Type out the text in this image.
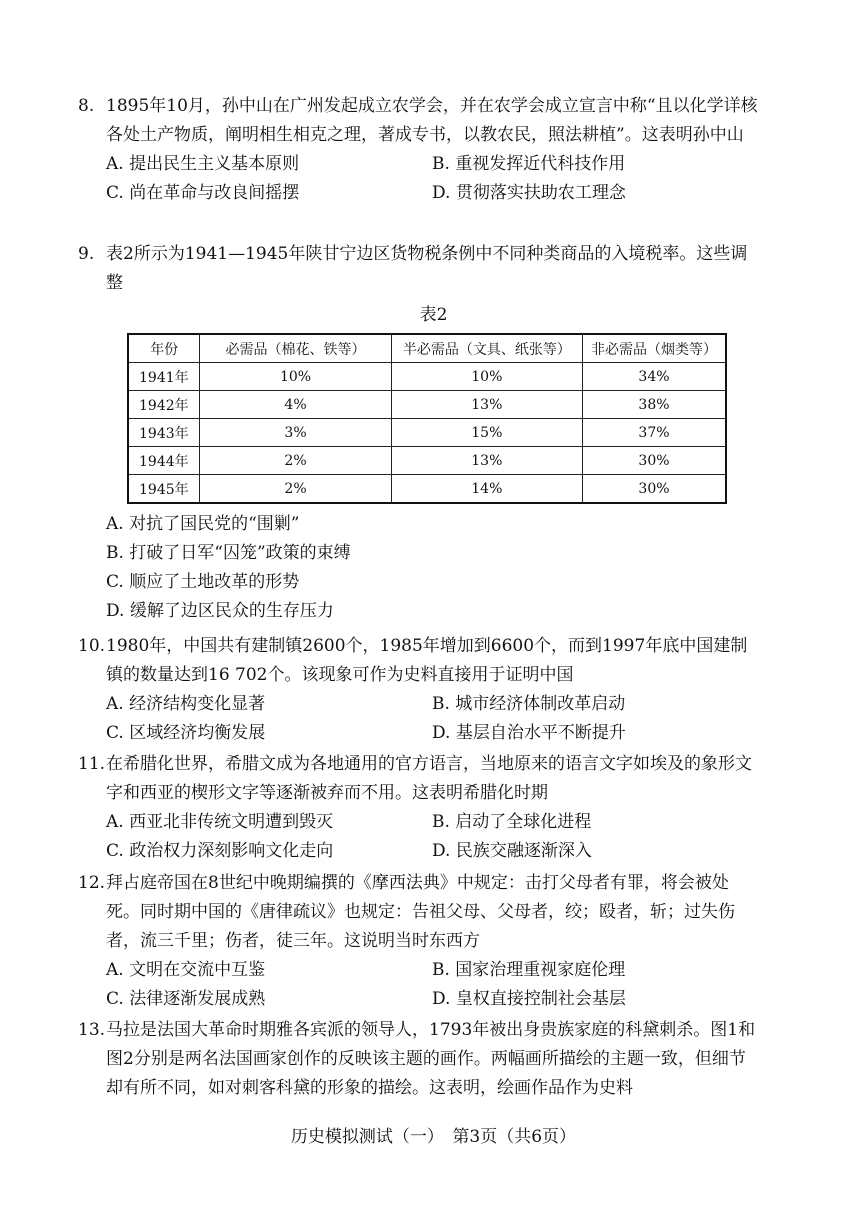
8. 1895年10月，孙中山在广州发起成立农学会，并在农学会成立宣言中称“且以化学详核各处土产物质，阐明相生相克之理，著成专书，以教农民，照法耕植”。这表明孙中山
A. 提出民生主义基本原则	B. 重视发挥近代科技作用
C. 尚在革命与改良间摇摆	D. 贯彻落实扶助农工理念
9. 表2所示为1941—1945年陕甘宁边区货物税条例中不同种类商品的入境税率。这些调整
表2
年份	必需品（棉花、铁等）	半必需品（文具、纸张等）	非必需品（烟类等）
1941年	10%	10%	34%
1942年	4%	13%	38%
1943年	3%	15%	37%
1944年	2%	13%	30%
1945年	2%	14%	30%
A. 对抗了国民党的“围剿”
B. 打破了日军“囚笼”政策的束缚
C. 顺应了土地改革的形势
D. 缓解了边区民众的生存压力
10. 1980年，中国共有建制镇2600个，1985年增加到6600个，而到1997年底中国建制镇的数量达到16 702个。该现象可作为史料直接用于证明中国
A. 经济结构变化显著	B. 城市经济体制改革启动
C. 区域经济均衡发展	D. 基层自治水平不断提升
11. 在希腊化世界，希腊文成为各地通用的官方语言，当地原来的语言文字如埃及的象形文字和西亚的楔形文字等逐渐被弃而不用。这表明希腊化时期
A. 西亚北非传统文明遭到毁灭	B. 启动了全球化进程
C. 政治权力深刻影响文化走向	D. 民族交融逐渐深入
12. 拜占庭帝国在8世纪中晚期编撰的《摩西法典》中规定：击打父母者有罪，将会被处死。同时期中国的《唐律疏议》也规定：告祖父母、父母者，绞；殴者，斩；过失伤者，流三千里；伤者，徒三年。这说明当时东西方
A. 文明在交流中互鉴	B. 国家治理重视家庭伦理
C. 法律逐渐发展成熟	D. 皇权直接控制社会基层
13. 马拉是法国大革命时期雅各宾派的领导人，1793年被出身贵族家庭的科黛刺杀。图1和图2分别是两名法国画家创作的反映该主题的画作。两幅画所描绘的主题一致，但细节却有所不同，如对刺客科黛的形象的描绘。这表明，绘画作品作为史料
历史模拟测试（一）　第3页（共6页）
